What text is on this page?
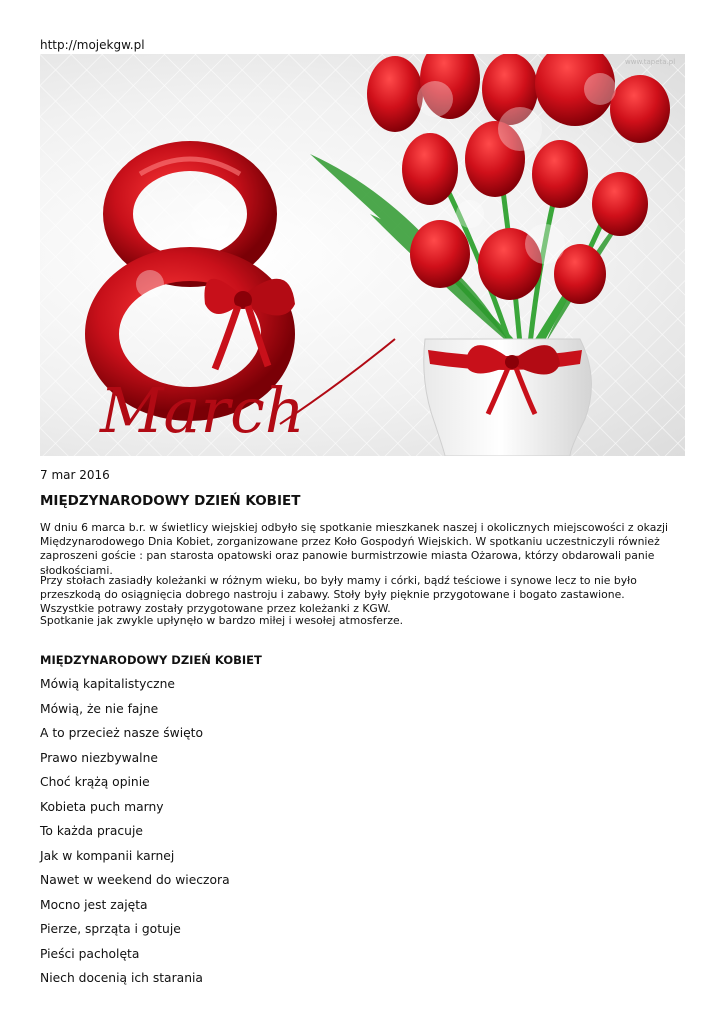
http://mojekgw.pl
March
www.tapeta.pl
7 mar 2016
MIĘDZYNARODOWY DZIEŃ KOBIET

W dniu 6 marca b.r. w świetlicy wiejskiej odbyło się spotkanie mieszkanek naszej i okolicznych miejscowości z okazji Międzynarodowego Dnia Kobiet, zorganizowane przez Koło Gospodyń Wiejskich. W spotkaniu uczestniczyli również zaproszeni goście : pan starosta opatowski oraz panowie burmistrzowie miasta Ożarowa, którzy obdarowali panie słodkościami.

Przy stołach zasiadły koleżanki w różnym wieku, bo były mamy i córki, bądź teściowe i synowe lecz to nie było przeszkodą do osiągnięcia dobrego nastroju i zabawy. Stoły były pięknie przygotowane i bogato zastawione. Wszystkie potrawy zostały przygotowane przez koleżanki z KGW.

Spotkanie jak zwykle upłynęło w bardzo miłej i wesołej atmosferze.

MIĘDZYNARODOWY DZIEŃ KOBIET
Mówią kapitalistyczne
Mówią, że nie fajne
A to przecież nasze święto
Prawo niezbywalne
Choć krążą opinie
Kobieta puch marny
To każda pracuje
Jak w kompanii karnej
Nawet w weekend do wieczora
Mocno jest zajęta
Pierze, sprząta i gotuje
Pieści pacholęta
Niech docenią ich starania
